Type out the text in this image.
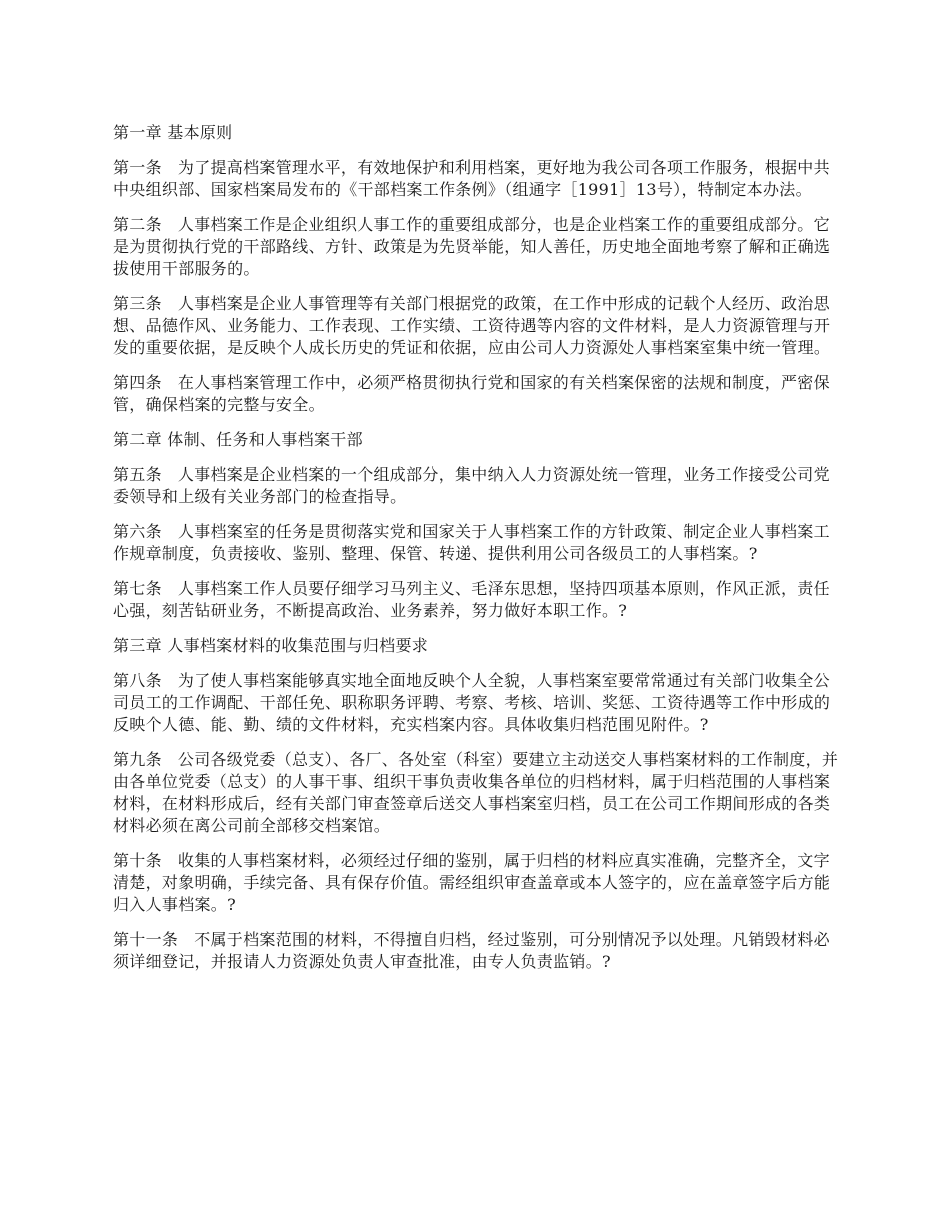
第一章 基本原则

第一条 为了提高档案管理水平，有效地保护和利用档案，更好地为我公司各项工作服务，根据中共中央组织部、国家档案局发布的《干部档案工作条例》（组通字［1991］13号），特制定本办法。

第二条 人事档案工作是企业组织人事工作的重要组成部分，也是企业档案工作的重要组成部分。它是为贯彻执行党的干部路线、方针、政策是为先贤举能，知人善任，历史地全面地考察了解和正确选拔使用干部服务的。

第三条 人事档案是企业人事管理等有关部门根据党的政策，在工作中形成的记载个人经历、政治思想、品德作风、业务能力、工作表现、工作实绩、工资待遇等内容的文件材料，是人力资源管理与开发的重要依据，是反映个人成长历史的凭证和依据，应由公司人力资源处人事档案室集中统一管理。

第四条 在人事档案管理工作中，必须严格贯彻执行党和国家的有关档案保密的法规和制度，严密保管，确保档案的完整与安全。

第二章 体制、任务和人事档案干部

第五条 人事档案是企业档案的一个组成部分，集中纳入人力资源处统一管理，业务工作接受公司党委领导和上级有关业务部门的检查指导。

第六条 人事档案室的任务是贯彻落实党和国家关于人事档案工作的方针政策、制定企业人事档案工作规章制度，负责接收、鉴别、整理、保管、转递、提供利用公司各级员工的人事档案。?

第七条 人事档案工作人员要仔细学习马列主义、毛泽东思想，坚持四项基本原则，作风正派，责任心强，刻苦钻研业务，不断提高政治、业务素养，努力做好本职工作。?

第三章 人事档案材料的收集范围与归档要求

第八条 为了使人事档案能够真实地全面地反映个人全貌，人事档案室要常常通过有关部门收集全公司员工的工作调配、干部任免、职称职务评聘、考察、考核、培训、奖惩、工资待遇等工作中形成的反映个人德、能、勤、绩的文件材料，充实档案内容。具体收集归档范围见附件。?

第九条 公司各级党委（总支）、各厂、各处室（科室）要建立主动送交人事档案材料的工作制度，并由各单位党委（总支）的人事干事、组织干事负责收集各单位的归档材料，属于归档范围的人事档案材料，在材料形成后，经有关部门审查签章后送交人事档案室归档，员工在公司工作期间形成的各类材料必须在离公司前全部移交档案馆。

第十条 收集的人事档案材料，必须经过仔细的鉴别，属于归档的材料应真实准确，完整齐全，文字清楚，对象明确，手续完备、具有保存价值。需经组织审查盖章或本人签字的，应在盖章签字后方能归入人事档案。?

第十一条 不属于档案范围的材料，不得擅自归档，经过鉴别，可分别情况予以处理。凡销毁材料必须详细登记，并报请人力资源处负责人审查批准，由专人负责监销。?
